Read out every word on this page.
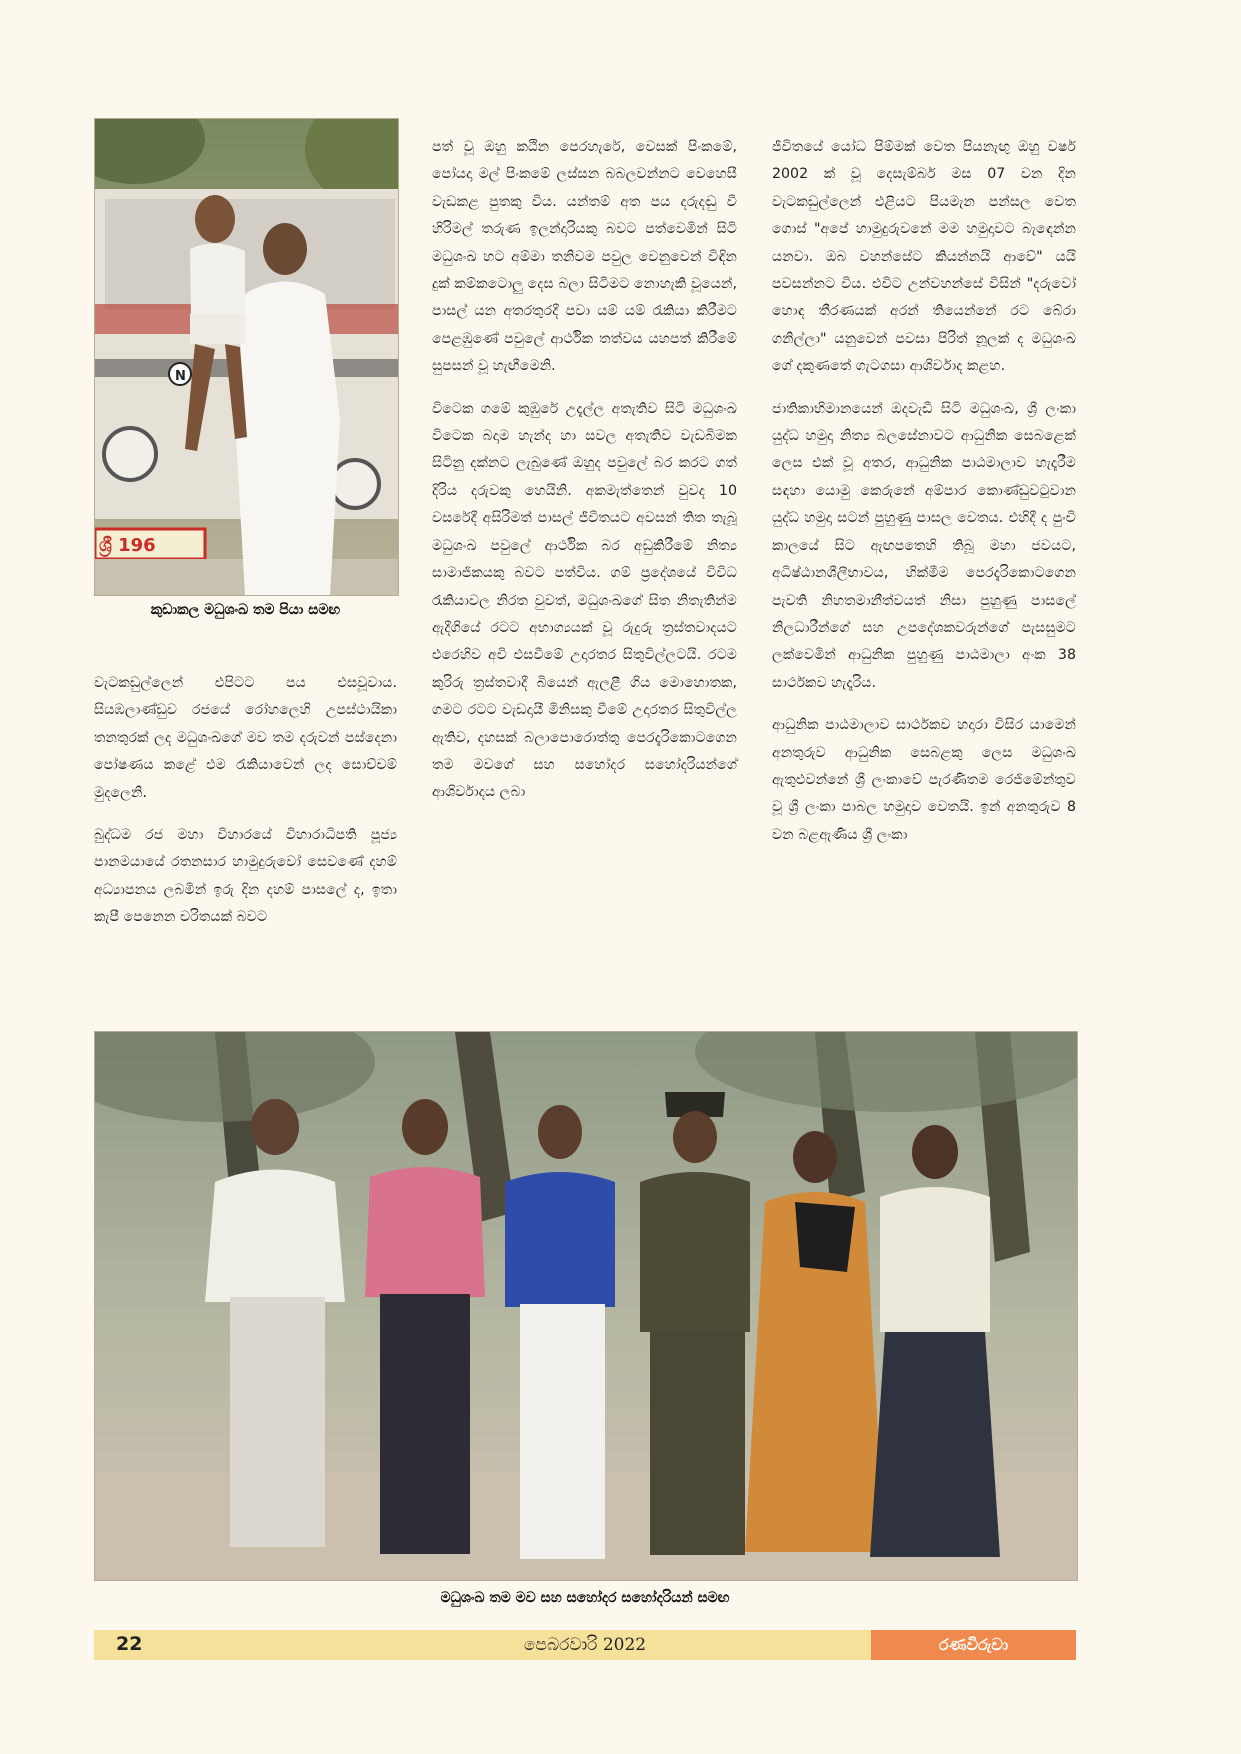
N
ශ්‍රී 196
කුඩාකල මධුශංඛ තම පියා සමඟ

වැටකඩුල්ලෙන් එපිටට පය එසවූවාය. සියඹලාණ්ඩුව රජයේ රෝහලෙහි උපස්ථායිකා තනතුරක් ලද මධුශංඛගේ මව තම දරුවන් පස්දෙනා පෝෂණය කළේ එම රැකියාවෙන් ලද සොච්චම් මුදලෙනි.

බුද්ධම රජ මහා විහාරයේ විහාරාධිපති පූජ්‍ය පානමයායේ රතනසාර හාමුදුරුවෝ සෙවණේ දහම් අධ්‍යාපනය ලබමින් ඉරු දින දහම් පාසලේ ද, ඉතා කැපී පෙනෙන චරිතයක් බවට

පත් වූ ඔහු කඨින පෙරහැරේ, වෙසක් පිංකමේ, පෝයදා මල් පිංකමේ ලස්සන බබලවන්නට වෙහෙසී වැඩකළ පුතකු විය. යන්තම් අත පය දරුදඬු වී හිරිමල් තරුණ ඉලන්දාරියකු බවට පත්වෙමින් සිටි මධුශංඛ හට අම්මා තනිවම පවුල වෙනුවෙන් විඳින දුක් කම්කටොලු දෙස බලා සිටීමට නොහැකි වූයෙන්, පාසල් යන අතරතුරදී පවා යම් යම් රැකියා කිරීමට පෙළඹුණේ පවුලේ ආර්ථික තත්වය යහපත් කිරීමේ සුපසන් වූ හැඟීමෙනි.

විටෙක ගමේ කුඹුරේ උදැල්ල අතැතිව සිටි මධුශංඛ විටෙක බදාම හැන්ද හා සවල අතැතිව වැඩබිමක සිටිනු දක්නට ලැබුණේ ඔහුද පවුලේ බර කරට ගත් දිරිය දරුවකු හෙයිනි. අකමැත්තෙන් වුවද 10 වසරේදී අසිරිමත් පාසල් ජීවිතයට අවසන් තිත තැබූ මධුශංඛ පවුලේ ආර්ථික බර අඩුකිරීමේ නිත්‍ය සාමාජිකයකු බවට පත්විය. ගම් ප්‍රදේශයේ විවිධ රැකියාවල නිරත වුවත්, මධුශංඛගේ සිත නිතැතින්ම ඇදීගියේ රටට අභාග්‍යයක් වූ රුදුරු ත්‍රස්තවාදයට එරෙහිව අවි එසවීමේ උදාරතර සිතුවිල්ලටයි. රටම කුරිරු ත්‍රස්තවාදී බියෙන් ඇලළී ගිය මොහොතක, ගමට රටට වැඩදායී මිනිසකු වීමේ උදාරතර සිතුවිල්ල ඇතිව, දහසක් බලාපොරොත්තු පෙරදැරිකොටගෙන තම මවගේ සහ සහෝදර සහෝදරියන්ගේ ආශිර්වාදය ලබා

ජීවිතයේ යෝධ පිම්මක් වෙත පියනැඟු ඔහු වර්ෂ 2002 ක් වූ දෙසැම්බර් මස 07 වන දින වැටකඩුල්ලෙන් එළියට පියමැන පන්සල වෙත ගොස් "අපේ හාමුදුරුවනේ මම හමුදාවට බැඳෙන්න යනවා. ඔබ වහන්සේට කියන්නයි ආවේ" යයි පවසන්නට විය. එවිට උන්වහන්සේ විසින් "දරුවෝ හොඳ තීරණයක් අරන් තියෙන්නේ රට බේරා ගනිල්ලා" යනුවෙන් පවසා පිරිත් නූලක් ද මධුශංඛ ගේ දකුණතේ ගැටගසා ආශිර්වාද කළහ.

ජාතිකාභිමානයෙන් ඔදවැඩී සිටි මධුශංඛ, ශ්‍රී ලංකා යුද්ධ හමුදා නිත්‍ය බලසේනාවට ආධුනික සෙබළෙක් ලෙස එක් වූ අතර, ආධුනික පාඨමාලාව හැදෑරීම සඳහා යොමු කෙරුනේ අම්පාර කොණ්ඩුවටුවාන යුද්ධ හමුදා සටන් පුහුණු පාසල වෙතය. එහිදී ද පුංචි කාලයේ සිට ඇඟපතෙහි තිබූ මහා ජවයට, අධිෂ්ඨානශීලීභාවය, හික්මීම පෙරදැරිකොටගෙන පැවති නිහතමානීත්වයත් නිසා පුහුණු පාසලේ නිලධාරීන්ගේ සහ උපදේශකවරුන්ගේ පැසසුමට ලක්වෙමින් ආධුනික පුහුණු පාඨමාලා අංක 38 සාර්ථකව හැදෑරිය.

ආධුනික පාඨමාලාව සාර්ථකව හදාරා විසිර යාමෙන් අනතුරුව ආධුනික සෙබළකු ලෙස මධුශංඛ ඇතුළුවන්නේ ශ්‍රී ලංකාවේ පැරණිතම රෙජිමේන්තුව වූ ශ්‍රී ලංකා පාබල හමුදාව වෙතයි. ඉන් අනතුරුව 8 වන බළඇණිය ශ්‍රී ලංකා

මධුශංඛ තම මව සහ සහෝදර සහෝදරියන් සමඟ
22	පෙබරවාරි 2022	රණවිරුවා
